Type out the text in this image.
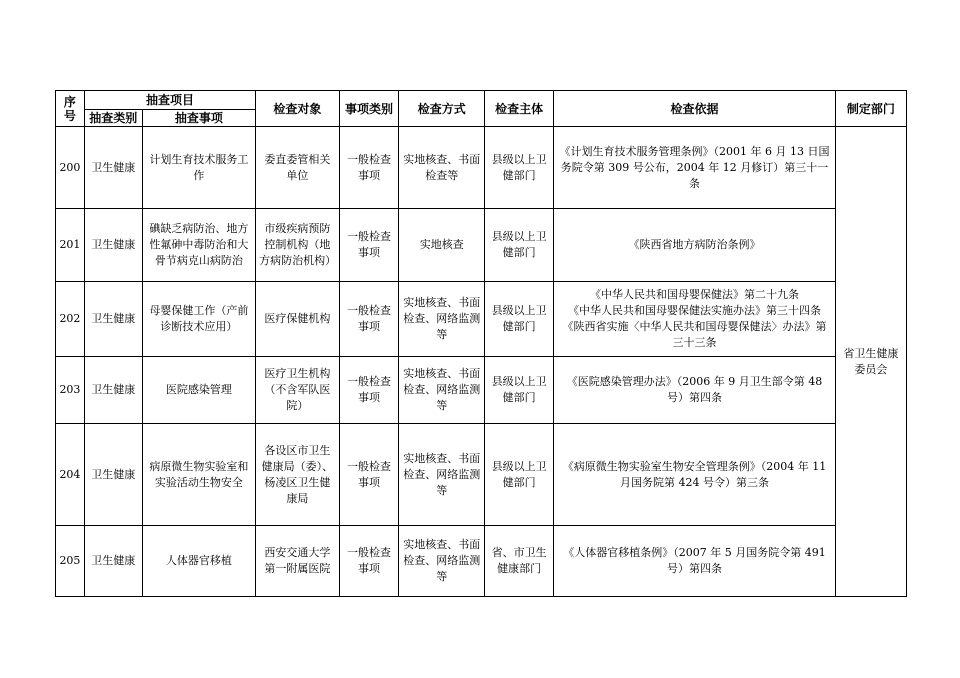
序号	抽查项目		检查对象	事项类别	检查方式	检查主体	检查依据	制定部门
	抽查类别	抽查事项						
200	卫生健康	计划生育技术服务工作	委直委管相关单位	一般检查事项	实地核查、书面检查等	县级以上卫健部门	《计划生育技术服务管理条例》（2001 年 6 月 13 日国务院令第 309 号公布，2004 年 12 月修订）第三十一条	省卫生健康委员会
201	卫生健康	碘缺乏病防治、地方性氟砷中毒防治和大骨节病克山病防治	市级疾病预防控制机构（地方病防治机构）	一般检查事项	实地核查	县级以上卫健部门	《陕西省地方病防治条例》	
202	卫生健康	母婴保健工作（产前诊断技术应用）	医疗保健机构	一般检查事项	实地核查、书面检查、网络监测等	县级以上卫健部门	《中华人民共和国母婴保健法》第二十九条
《中华人民共和国母婴保健法实施办法》第三十四条
《陕西省实施〈中华人民共和国母婴保健法〉办法》第三十三条	
203	卫生健康	医院感染管理	医疗卫生机构（不含军队医院）	一般检查事项	实地核查、书面检查、网络监测等	县级以上卫健部门	《医院感染管理办法》（2006 年 9 月卫生部令第 48 号）第四条	
204	卫生健康	病原微生物实验室和实验活动生物安全	各设区市卫生健康局（委）、杨凌区卫生健康局	一般检查事项	实地核查、书面检查、网络监测等	县级以上卫健部门	《病原微生物实验室生物安全管理条例》（2004 年 11 月国务院第 424 号令）第三条	
205	卫生健康	人体器官移植	西安交通大学第一附属医院	一般检查事项	实地核查、书面检查、网络监测等	省、市卫生健康部门	《人体器官移植条例》（2007 年 5 月国务院令第 491 号）第四条	
